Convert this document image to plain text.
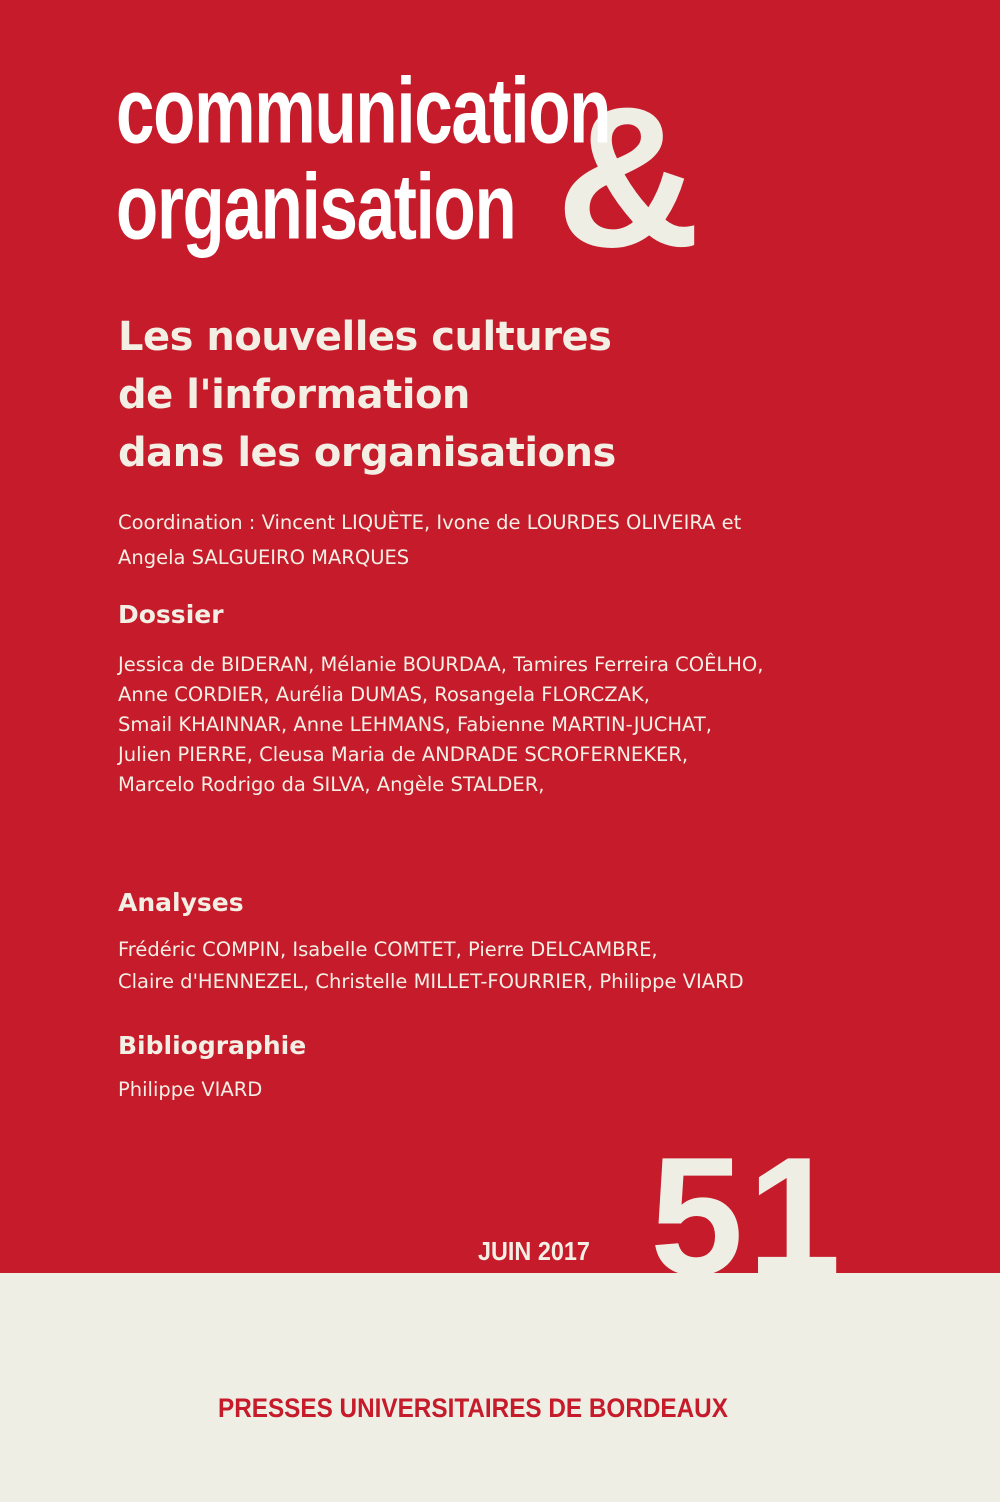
&
communication
organisation
Les nouvelles cultures
de l'information
dans les organisations
Coordination : Vincent LIQUÈTE, Ivone de LOURDES OLIVEIRA et
Angela SALGUEIRO MARQUES
Dossier
Jessica de BIDERAN, Mélanie BOURDAA, Tamires Ferreira COÊLHO,
Anne CORDIER, Aurélia DUMAS, Rosangela FLORCZAK,
Smail KHAINNAR, Anne LEHMANS, Fabienne MARTIN-JUCHAT,
Julien PIERRE, Cleusa Maria de ANDRADE SCROFERNEKER,
Marcelo Rodrigo da SILVA, Angèle STALDER,
Analyses
Frédéric COMPIN, Isabelle COMTET, Pierre DELCAMBRE,
Claire d'HENNEZEL, Christelle MILLET-FOURRIER, Philippe VIARD
Bibliographie
Philippe VIARD
JUIN 2017 51
PRESSES UNIVERSITAIRES DE BORDEAUX
